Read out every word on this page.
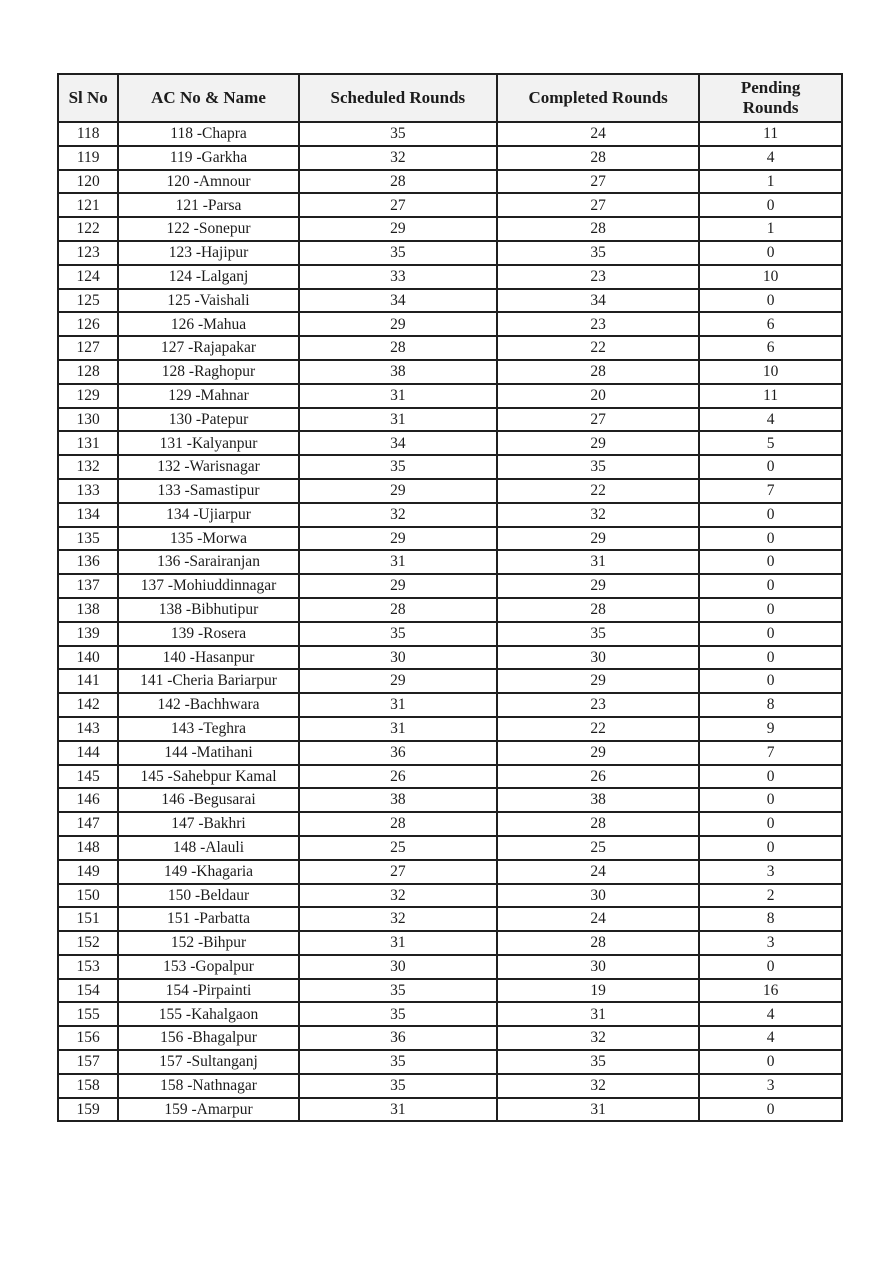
Sl No	AC No & Name	Scheduled Rounds	Completed Rounds	Pending Rounds
118	118 -Chapra	35	24	11
119	119 -Garkha	32	28	4
120	120 -Amnour	28	27	1
121	121 -Parsa	27	27	0
122	122 -Sonepur	29	28	1
123	123 -Hajipur	35	35	0
124	124 -Lalganj	33	23	10
125	125 -Vaishali	34	34	0
126	126 -Mahua	29	23	6
127	127 -Rajapakar	28	22	6
128	128 -Raghopur	38	28	10
129	129 -Mahnar	31	20	11
130	130 -Patepur	31	27	4
131	131 -Kalyanpur	34	29	5
132	132 -Warisnagar	35	35	0
133	133 -Samastipur	29	22	7
134	134 -Ujiarpur	32	32	0
135	135 -Morwa	29	29	0
136	136 -Sarairanjan	31	31	0
137	137 -Mohiuddinnagar	29	29	0
138	138 -Bibhutipur	28	28	0
139	139 -Rosera	35	35	0
140	140 -Hasanpur	30	30	0
141	141 -Cheria Bariarpur	29	29	0
142	142 -Bachhwara	31	23	8
143	143 -Teghra	31	22	9
144	144 -Matihani	36	29	7
145	145 -Sahebpur Kamal	26	26	0
146	146 -Begusarai	38	38	0
147	147 -Bakhri	28	28	0
148	148 -Alauli	25	25	0
149	149 -Khagaria	27	24	3
150	150 -Beldaur	32	30	2
151	151 -Parbatta	32	24	8
152	152 -Bihpur	31	28	3
153	153 -Gopalpur	30	30	0
154	154 -Pirpainti	35	19	16
155	155 -Kahalgaon	35	31	4
156	156 -Bhagalpur	36	32	4
157	157 -Sultanganj	35	35	0
158	158 -Nathnagar	35	32	3
159	159 -Amarpur	31	31	0
